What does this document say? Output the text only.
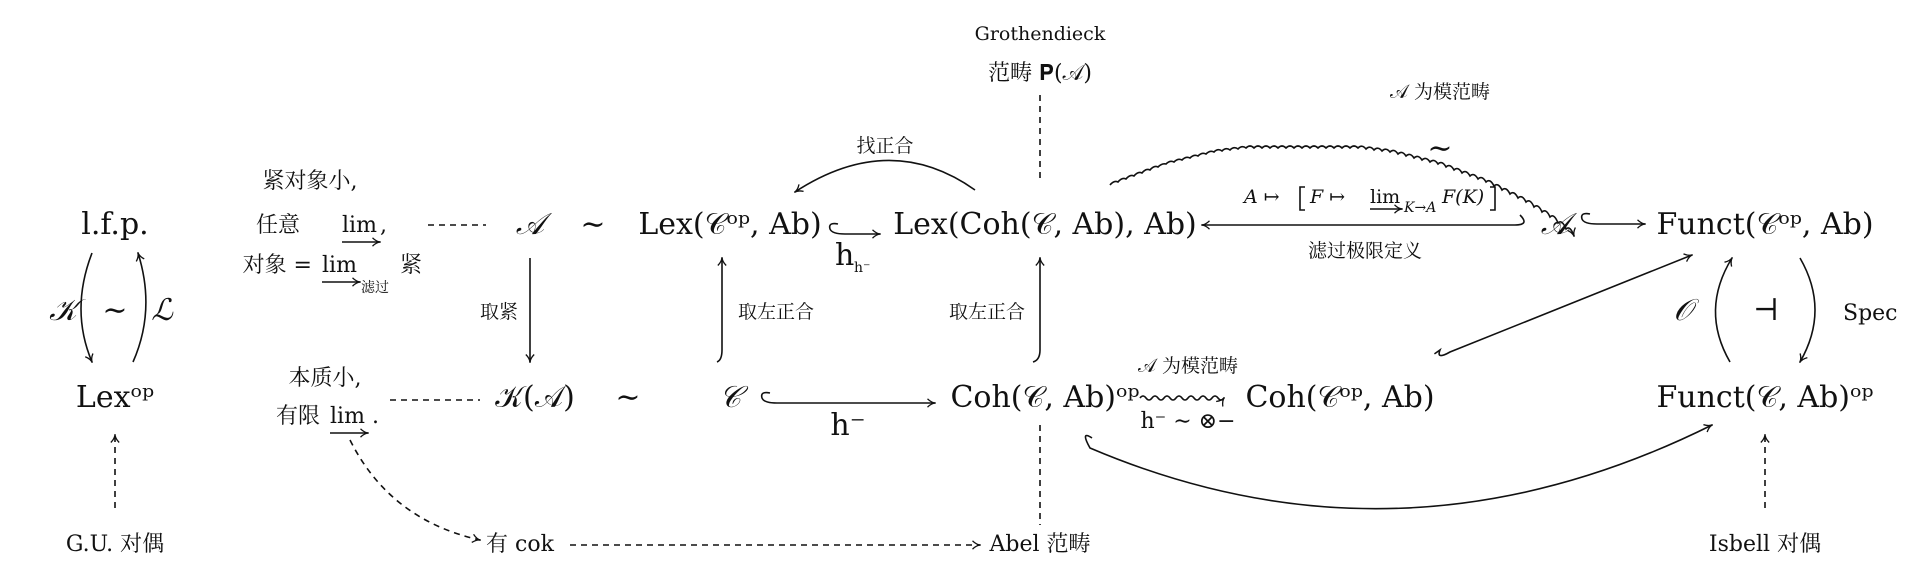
l.f.p.
Lexᵒᵖ
𝒦	ℒ
∼
G.U. 对偶
紧对象小,
任意 lim ,
对象 = lim
滤过
紧
本质小,
有限 lim .
有 cok	Abel 范畴
𝒜 ∼
取紧
𝒦(𝒜) ∼
Lex(𝒞ᵒᵖ, Ab)
𝒞
取左正合
h h⁻
找正合
h⁻
Lex(Coh(𝒞, Ab), Ab)
Coh(𝒞, Ab)ᵒᵖ
取左正合
Grothendieck
范畴 𝐏(𝒜)
𝒜 为模范畴
∼
A ↦ F ↦ lim K→A F(K)
滤过极限定义
𝒜 为模范畴
h⁻ ∼ ⊗−
Coh(𝒞ᵒᵖ, Ab)
𝒜	Funct(𝒞ᵒᵖ, Ab)
Funct(𝒞, Ab)ᵒᵖ
𝒪 ⊣	Spec
Isbell 对偶
